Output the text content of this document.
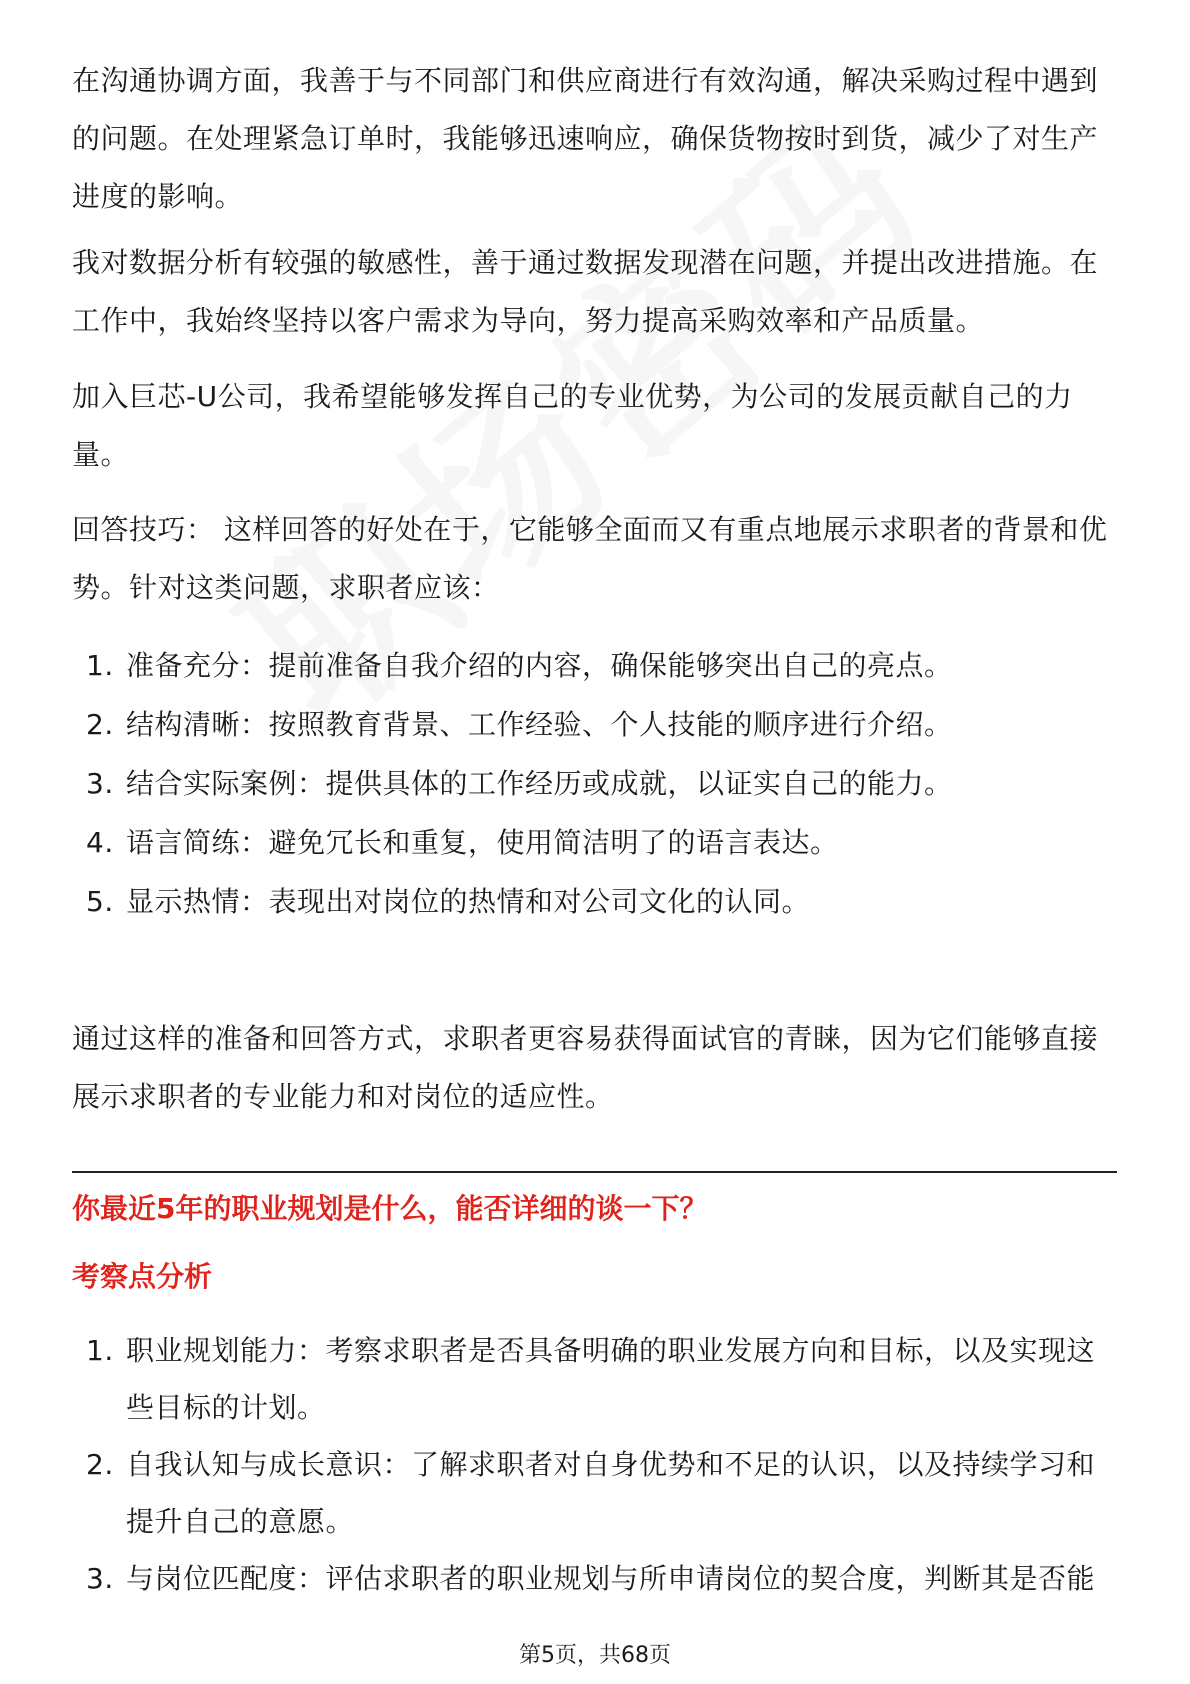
在沟通协调方面，我善于与不同部门和供应商进行有效沟通，解决采购过程中遇到的问题。在处理紧急订单时，我能够迅速响应，确保货物按时到货，减少了对生产进度的影响。

我对数据分析有较强的敏感性，善于通过数据发现潜在问题，并提出改进措施。在工作中，我始终坚持以客户需求为导向，努力提高采购效率和产品质量。

加入巨芯-U公司，我希望能够发挥自己的专业优势，为公司的发展贡献自己的力量。

回答技巧： 这样回答的好处在于，它能够全面而又有重点地展示求职者的背景和优势。针对这类问题，求职者应该：

1. 准备充分：提前准备自我介绍的内容，确保能够突出自己的亮点。
2. 结构清晰：按照教育背景、工作经验、个人技能的顺序进行介绍。
3. 结合实际案例：提供具体的工作经历或成就，以证实自己的能力。
4. 语言简练：避免冗长和重复，使用简洁明了的语言表达。
5. 显示热情：表现出对岗位的热情和对公司文化的认同。

通过这样的准备和回答方式，求职者更容易获得面试官的青睐，因为它们能够直接展示求职者的专业能力和对岗位的适应性。

你最近5年的职业规划是什么，能否详细的谈一下？
考察点分析
1. 职业规划能力：考察求职者是否具备明确的职业发展方向和目标，以及实现这些目标的计划。
2. 自我认知与成长意识：了解求职者对自身优势和不足的认识，以及持续学习和提升自己的意愿。
3. 与岗位匹配度：评估求职者的职业规划与所申请岗位的契合度，判断其是否能
第5页，共68页
